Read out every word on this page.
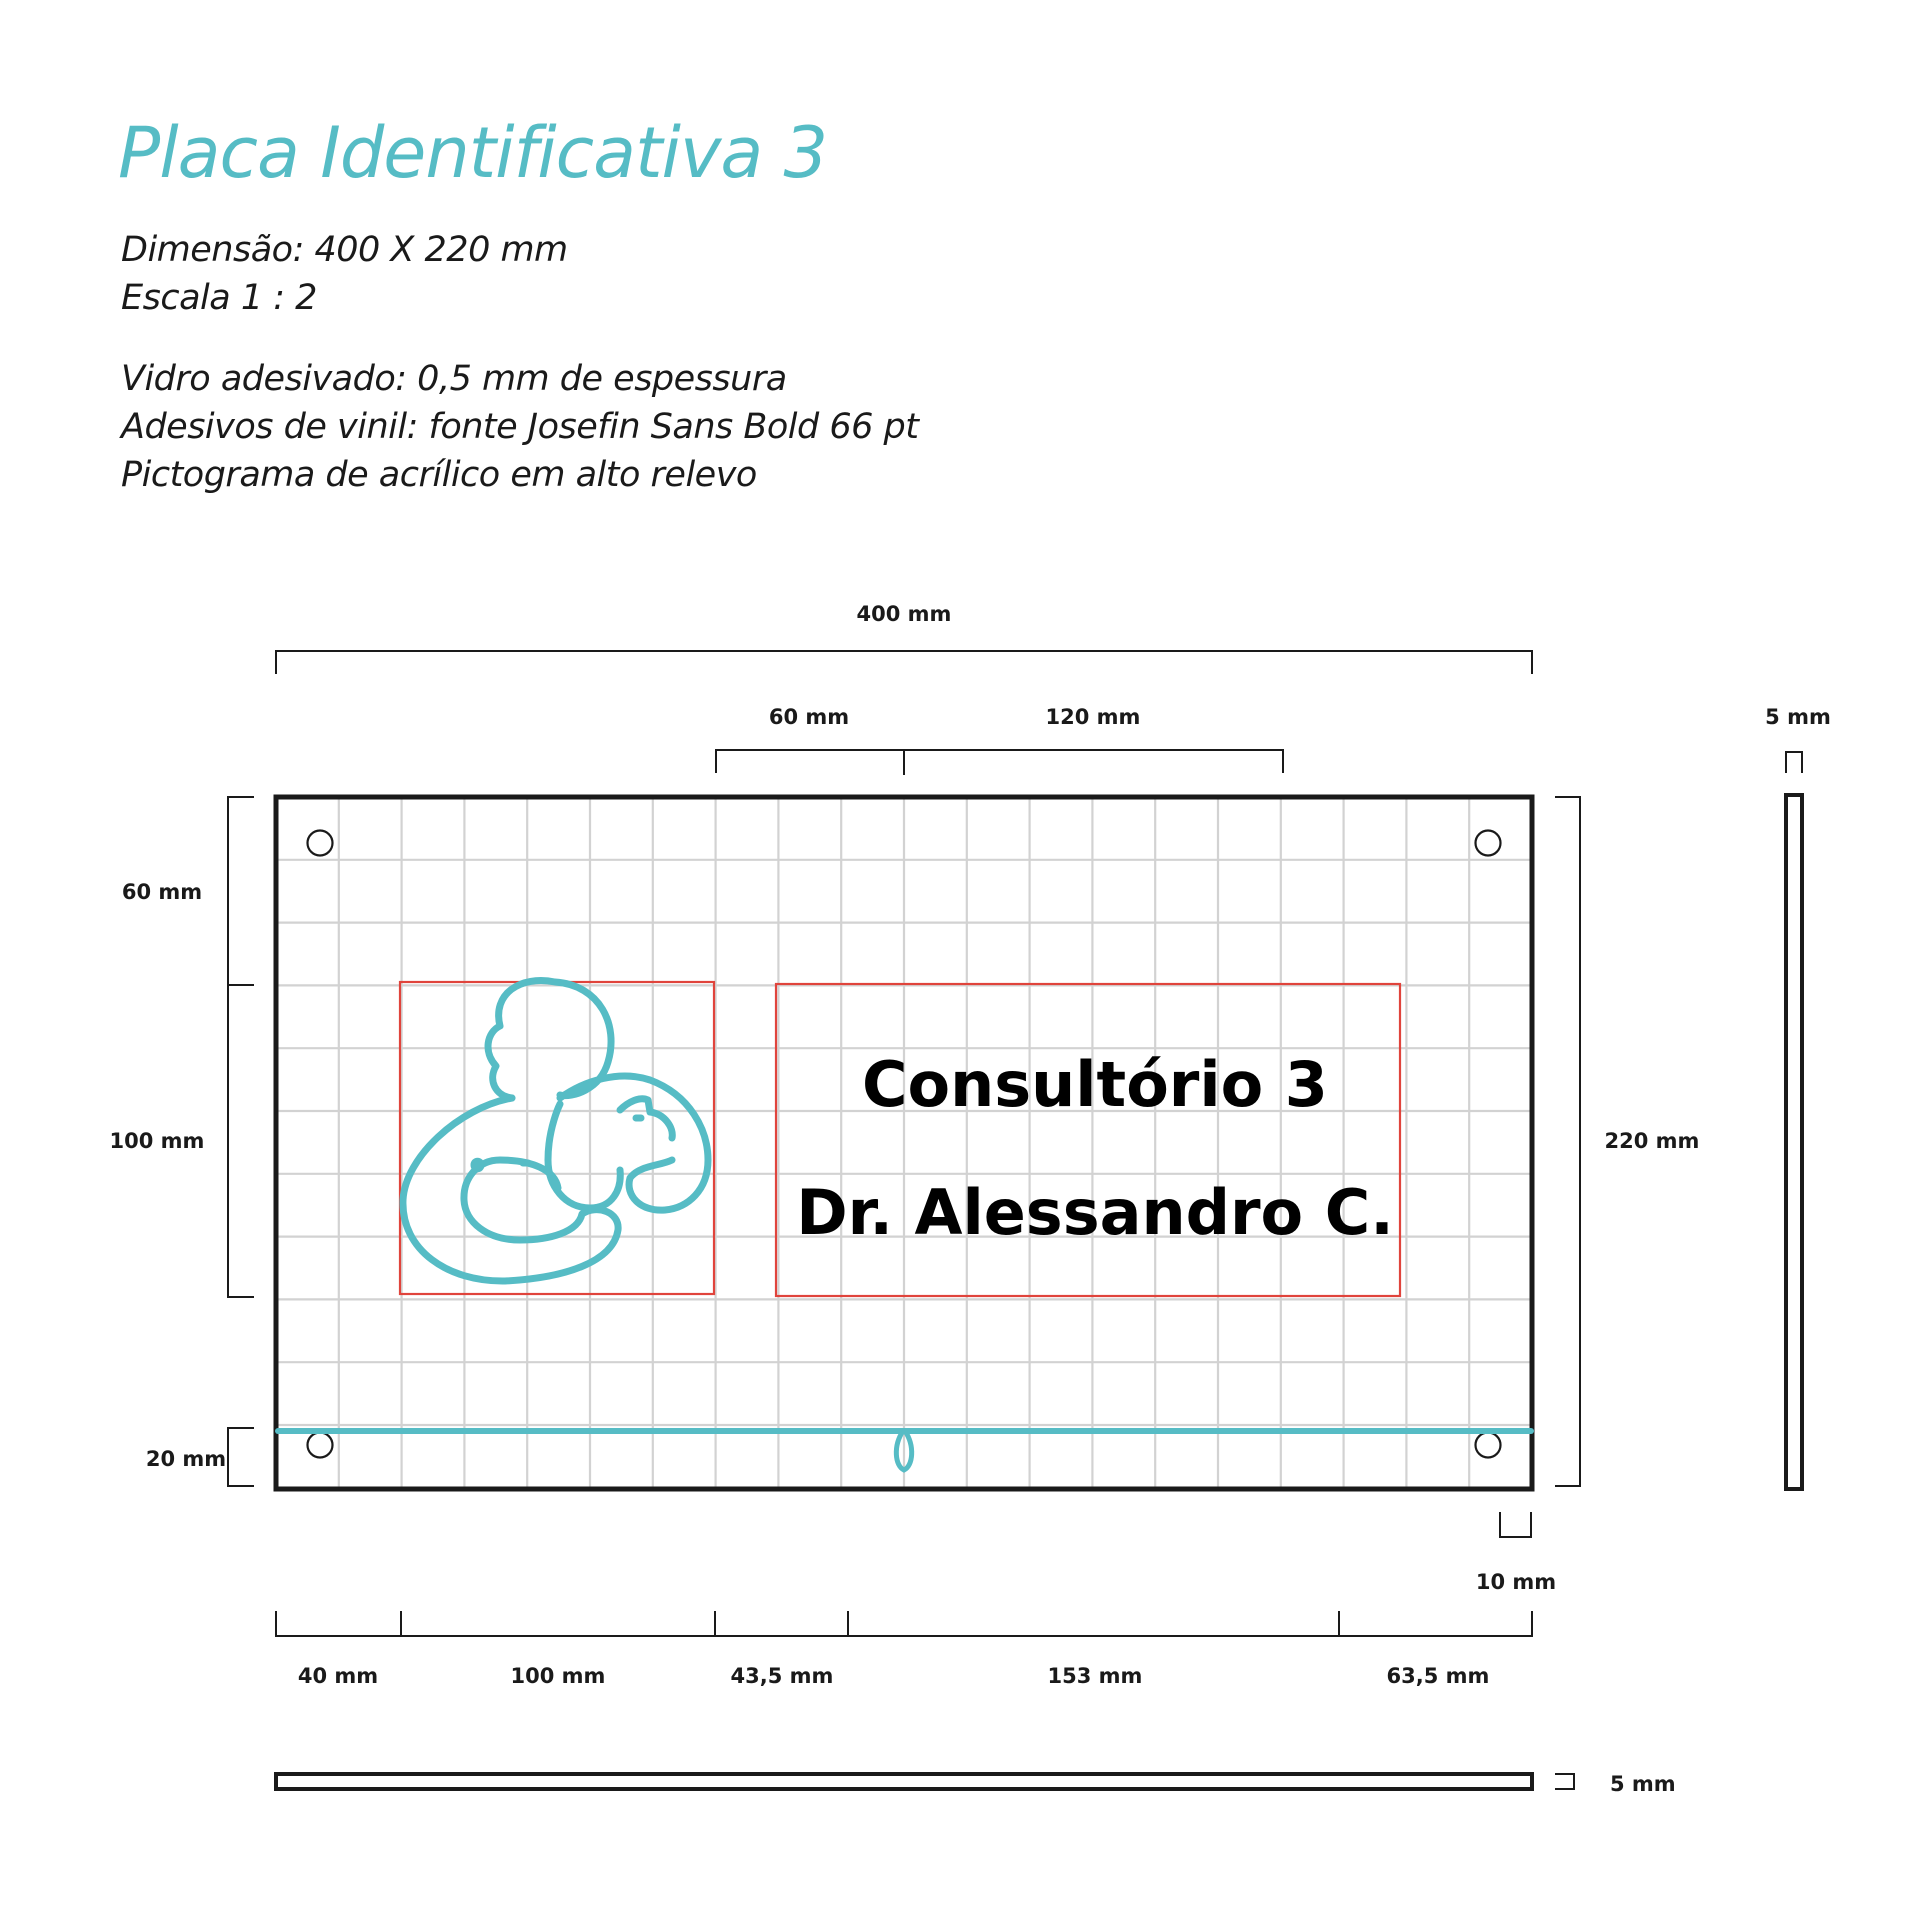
Placa Identificativa 3
Dimensão: 400 X 220 mm
Escala 1 : 2
Vidro adesivado: 0,5 mm de espessura
Adesivos de vinil: fonte Josefin Sans Bold 66 pt
Pictograma de acrílico em alto relevo
Consultório 3
Dr. Alessandro C.
400 mm
60 mm	120 mm
60 mm
100 mm
20 mm
220 mm
10 mm
40 mm	100 mm	43,5 mm	153 mm	63,5 mm
5 mm
5 mm
